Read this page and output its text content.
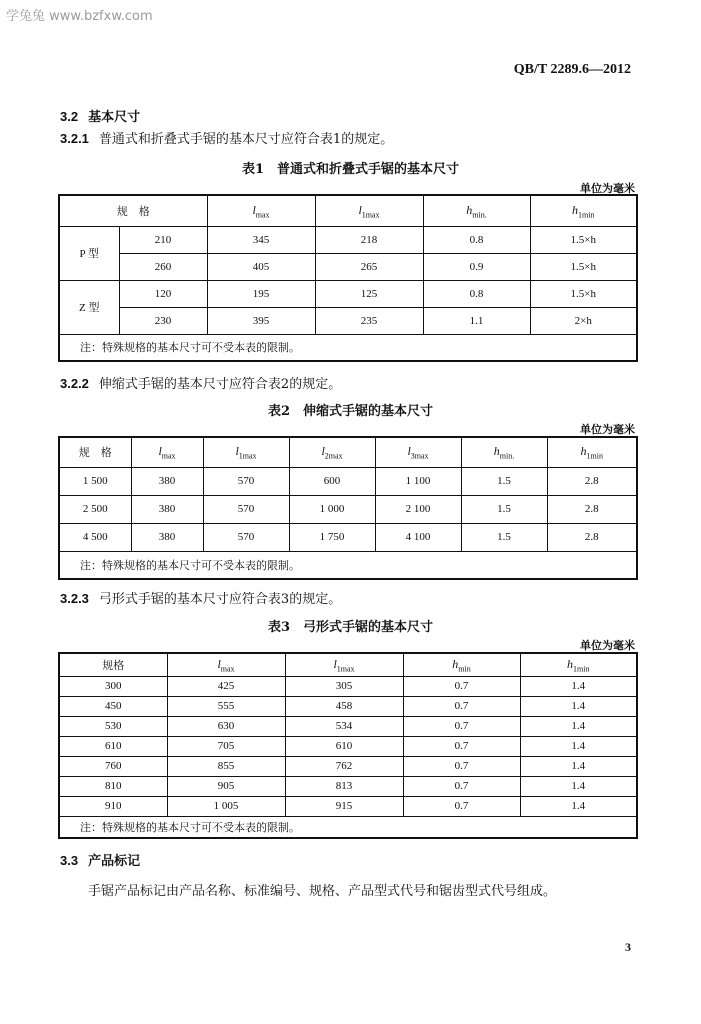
学兔兔 www.bzfxw.com
QB/T 2289.6—2012
3.2 基本尺寸
3.2.1 普通式和折叠式手锯的基本尺寸应符合表1的规定。
表1　普通式和折叠式手锯的基本尺寸
单位为毫米
规　格		$l_{max}$	$l_{1max}$	$h_{min.}$	$h_{1min}$
P 型	210	345	218	0.8	1.5×h
	260	405	265	0.9	1.5×h
Z 型	120	195	125	0.8	1.5×h
	230	395	235	1.1	2×h
注：特殊规格的基本尺寸可不受本表的限制。					
3.2.2 伸缩式手锯的基本尺寸应符合表2的规定。
表2　伸缩式手锯的基本尺寸
单位为毫米
规　格	$l_{max}$	$l_{1max}$	$l_{2max}$	$l_{3max}$	$h_{min.}$	$h_{1min}$
1 500	380	570	600	1 100	1.5	2.8
2 500	380	570	1 000	2 100	1.5	2.8
4 500	380	570	1 750	4 100	1.5	2.8
注：特殊规格的基本尺寸可不受本表的限制。						
3.2.3 弓形式手锯的基本尺寸应符合表3的规定。
表3　弓形式手锯的基本尺寸
单位为毫米
规格	$l_{max}$	$l_{1max}$	$h_{min}$	$h_{1min}$
300	425	305	0.7	1.4
450	555	458	0.7	1.4
530	630	534	0.7	1.4
610	705	610	0.7	1.4
760	855	762	0.7	1.4
810	905	813	0.7	1.4
910	1 005	915	0.7	1.4
注：特殊规格的基本尺寸可不受本表的限制。				
3.3 产品标记
手锯产品标记由产品名称、标准编号、规格、产品型式代号和锯齿型式代号组成。
3
